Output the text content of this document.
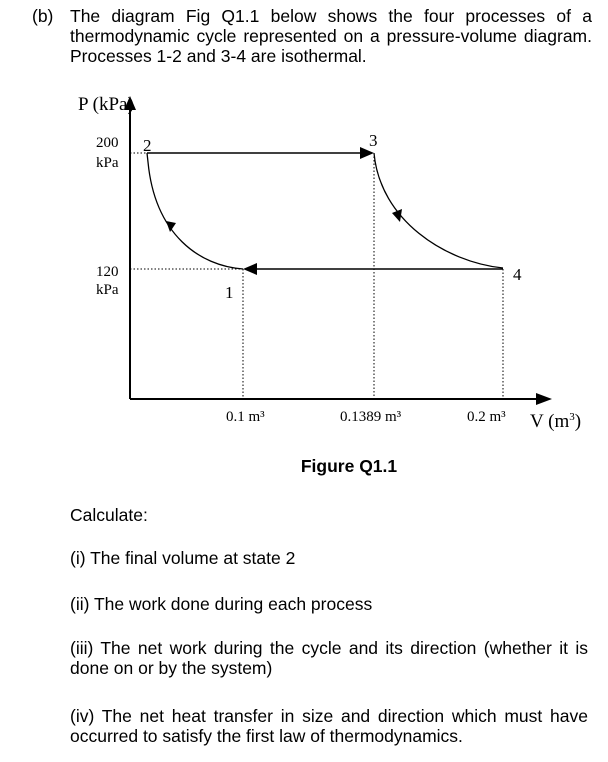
(b) The diagram Fig Q1.1 below shows the four processes of a thermodynamic cycle represented on a pressure-volume diagram. Processes 1-2 and 3-4 are isothermal.
P (kPa)
V $(m^3)$
200
kPa
120
kPa
0.1 m³	0.1389 m³	0.2 m³
1
2	3
4
Figure Q1.1
Calculate:
(i) The final volume at state 2
(ii) The work done during each process
(iii) The net work during the cycle and its direction (whether it is done on or by the system)
(iv) The net heat transfer in size and direction which must have occurred to satisfy the first law of thermodynamics.
